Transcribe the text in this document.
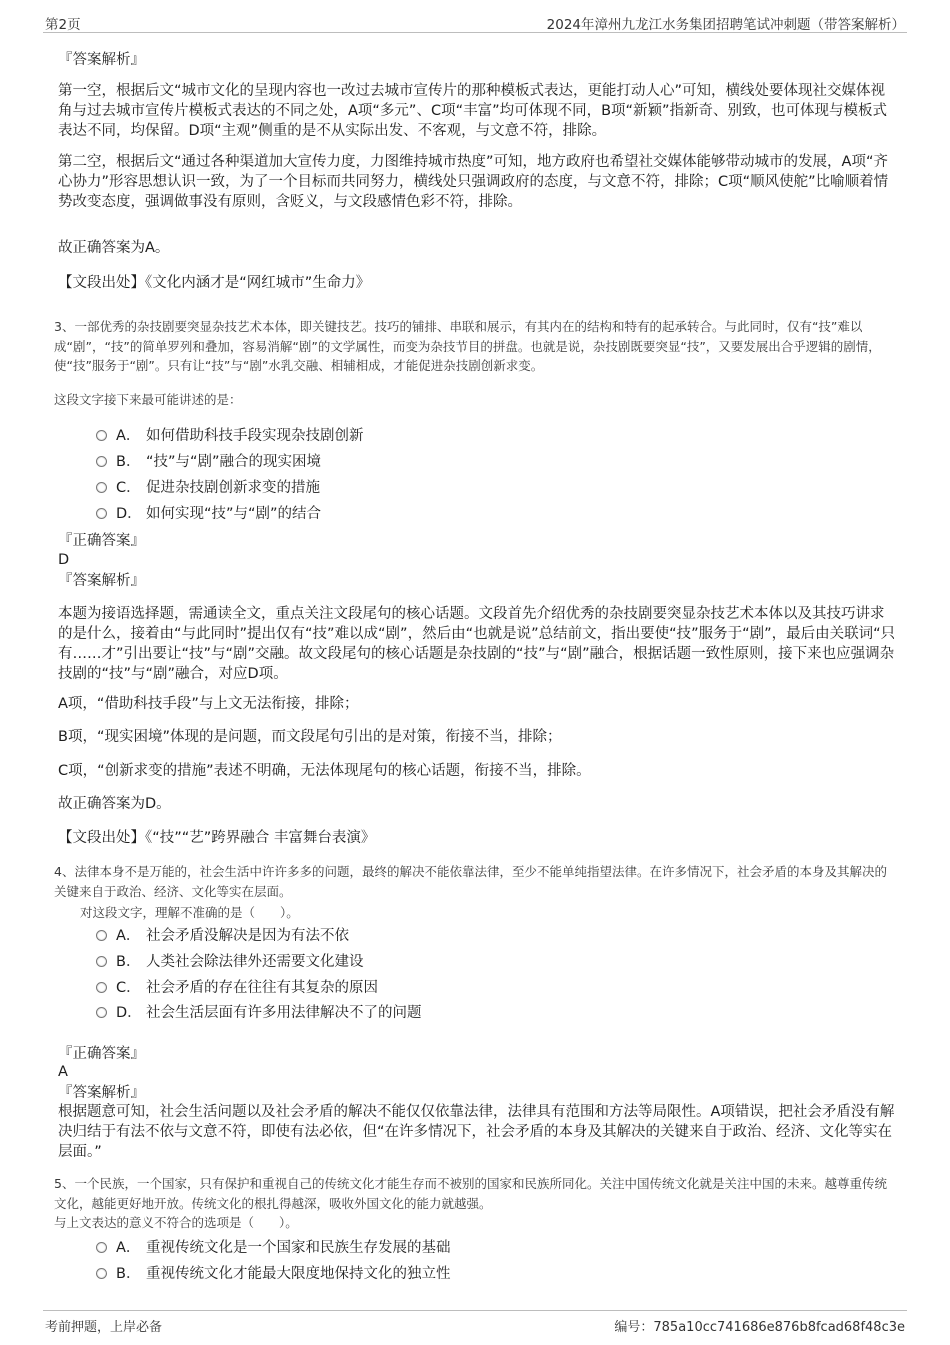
第2页	2024年漳州九龙江水务集团招聘笔试冲刺题（带答案解析）
『答案解析』
第一空，根据后文“城市文化的呈现内容也一改过去城市宣传片的那种模板式表达，更能打动人心”可知，横线处要体现社交媒体视角与过去城市宣传片模板式表达的不同之处，A项“多元”、C项“丰富”均可体现不同，B项“新颖”指新奇、别致，也可体现与模板式表达不同，均保留。D项“主观”侧重的是不从实际出发、不客观，与文意不符，排除。
第二空，根据后文“通过各种渠道加大宣传力度，力图维持城市热度”可知，地方政府也希望社交媒体能够带动城市的发展，A项“齐心协力”形容思想认识一致，为了一个目标而共同努力，横线处只强调政府的态度，与文意不符，排除；C项“顺风使舵”比喻顺着情势改变态度，强调做事没有原则，含贬义，与文段感情色彩不符，排除。
故正确答案为A。
【文段出处】《文化内涵才是“网红城市”生命力》
3、一部优秀的杂技剧要突显杂技艺术本体，即关键技艺。技巧的铺排、串联和展示，有其内在的结构和特有的起承转合。与此同时，仅有“技”难以成“剧”，“技”的简单罗列和叠加，容易消解“剧”的文学属性，而变为杂技节目的拼盘。也就是说，杂技剧既要突显“技”，又要发展出合乎逻辑的剧情，使“技”服务于“剧”。只有让“技”与“剧”水乳交融、相辅相成，才能促进杂技剧创新求变。
这段文字接下来最可能讲述的是：
A． 如何借助科技手段实现杂技剧创新
B． “技”与“剧”融合的现实困境
C． 促进杂技剧创新求变的措施
D． 如何实现“技”与“剧”的结合
『正确答案』
D
『答案解析』
本题为接语选择题，需通读全文，重点关注文段尾句的核心话题。文段首先介绍优秀的杂技剧要突显杂技艺术本体以及其技巧讲求的是什么，接着由“与此同时”提出仅有“技”难以成“剧”，然后由“也就是说”总结前文，指出要使“技”服务于“剧”，最后由关联词“只有……才”引出要让“技”与“剧”交融。故文段尾句的核心话题是杂技剧的“技”与“剧”融合，根据话题一致性原则，接下来也应强调杂技剧的“技”与“剧”融合，对应D项。
A项，“借助科技手段”与上文无法衔接，排除；
B项，“现实困境”体现的是问题，而文段尾句引出的是对策，衔接不当，排除；
C项，“创新求变的措施”表述不明确，无法体现尾句的核心话题，衔接不当，排除。
故正确答案为D。
【文段出处】《“技”“艺”跨界融合 丰富舞台表演》
4、法律本身不是万能的，社会生活中许许多多的问题，最终的解决不能依靠法律，至少不能单纯指望法律。在许多情况下，社会矛盾的本身及其解决的关键来自于政治、经济、文化等实在层面。
对这段文字，理解不准确的是（　　）。
A． 社会矛盾没解决是因为有法不依
B． 人类社会除法律外还需要文化建设
C． 社会矛盾的存在往往有其复杂的原因
D． 社会生活层面有许多用法律解决不了的问题
『正确答案』
A
『答案解析』
根据题意可知，社会生活问题以及社会矛盾的解决不能仅仅依靠法律，法律具有范围和方法等局限性。A项错误，把社会矛盾没有解决归结于有法不依与文意不符，即使有法必依，但“在许多情况下，社会矛盾的本身及其解决的关键来自于政治、经济、文化等实在层面。”
5、一个民族，一个国家，只有保护和重视自己的传统文化才能生存而不被别的国家和民族所同化。关注中国传统文化就是关注中国的未来。越尊重传统文化，越能更好地开放。传统文化的根扎得越深，吸收外国文化的能力就越强。
与上文表达的意义不符合的选项是（　　）。
A． 重视传统文化是一个国家和民族生存发展的基础
B． 重视传统文化才能最大限度地保持文化的独立性
考前押题，上岸必备	编号：785a10cc741686e876b8fcad68f48c3e
